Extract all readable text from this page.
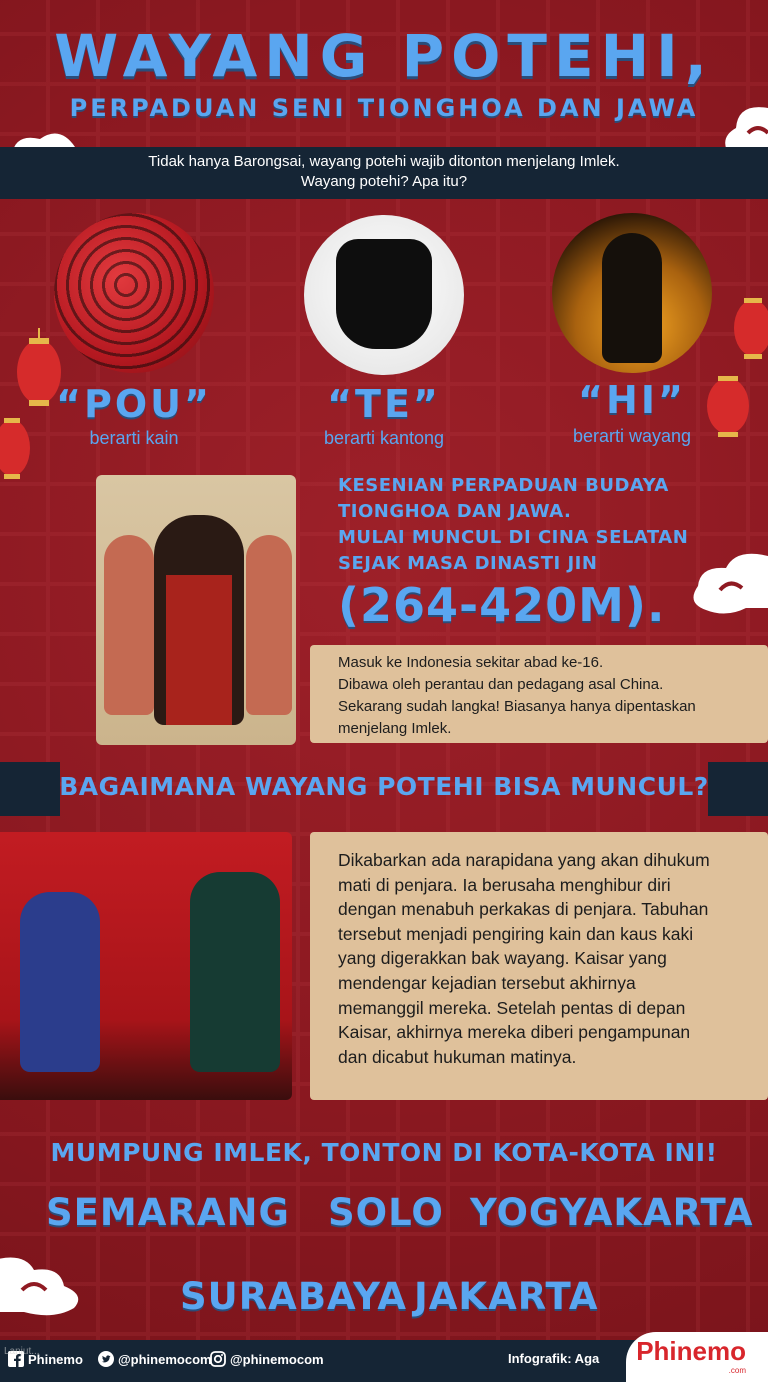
WAYANG POTEHI,
PERPADUAN SENI TIONGHOA DAN JAWA
Tidak hanya Barongsai, wayang potehi wajib ditonton menjelang Imlek.
Wayang potehi? Apa itu?
“POU”
berarti kain
“TE”
berarti kantong
“HI”
berarti wayang
KESENIAN PERPADUAN BUDAYA
TIONGHOA DAN JAWA.
MULAI MUNCUL DI CINA SELATAN
SEJAK MASA DINASTI JIN
(264-420M).
Masuk ke Indonesia sekitar abad ke-16.
Dibawa oleh perantau dan pedagang asal China.
Sekarang sudah langka! Biasanya hanya dipentaskan
menjelang Imlek.
BAGAIMANA WAYANG POTEHI BISA MUNCUL?
Dikabarkan ada narapidana yang akan dihukum
mati di penjara. Ia berusaha menghibur diri
dengan menabuh perkakas di penjara. Tabuhan
tersebut menjadi pengiring kain dan kaus kaki
yang digerakkan bak wayang. Kaisar yang
mendengar kejadian tersebut akhirnya
memanggil mereka. Setelah pentas di depan
Kaisar, akhirnya mereka diberi pengampunan
dan dicabut hukuman matinya.
MUMPUNG IMLEK, TONTON DI KOTA-KOTA INI!
SEMARANG SOLO YOGYAKARTA
SURABAYA JAKARTA
Phinemo	@phinemocom	@phinemocom	Infografik: Aga Phinemo
.com
Lanjut...
